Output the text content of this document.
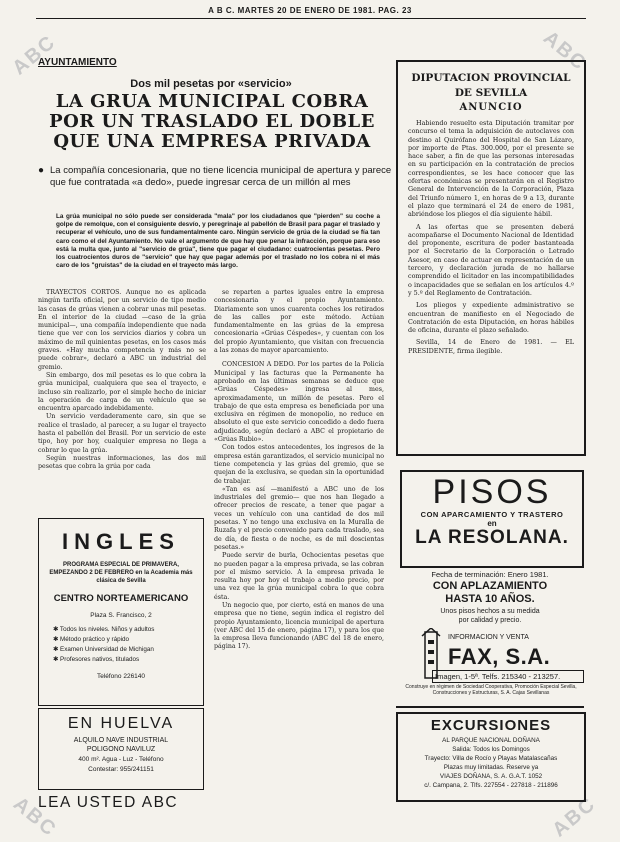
ABC	ABC
ABC	ABC
A B C. MARTES 20 DE ENERO DE 1981. PAG. 23
AYUNTAMIENTO
Dos mil pesetas por «servicio»
LA GRUA MUNICIPAL COBRA POR UN TRASLADO EL DOBLE QUE UNA EMPRESA PRIVADA
● La compañía concesionaria, que no tiene licencia municipal de apertura y parece que fue contratada «a dedo», puede ingresar cerca de un millón al mes
La grúa municipal no sólo puede ser considerada "mala" por los ciudadanos que "pierden" su coche a golpe de remolque, con el consiguiente desvío, y peregrinaje al pabellón de Brasil para pagar el traslado y recuperar el vehículo, uno de sus fundamentalmente caro. Ningún servicio de grúa de la ciudad se fía tan caro como el del Ayuntamiento. No vale el argumento de que hay que penar la infracción, porque para eso está la multa que, junto al "servicio de grúa", tiene que pagar el ciudadano: cuatrocientas pesetas. Pero los cuatrocientos duros de "servicio" que hay que pagar además por el traslado no los cobra ni el más caro de los "gruistas" de la ciudad en el trayecto más largo.

TRAYECTOS CORTOS. Aunque no es aplicada ningún tarifa oficial, por un servicio de tipo medio las casas de grúas vienen a cobrar unas mil pesetas. En el interior de la ciudad —caso de la grúa municipal—, una compañía independiente que nada tiene que ver con los servicios diarios y cobra un máximo de mil quinientas pesetas, en los casos más graves. «Hay mucha competencia y más no se puede cobrar», declaró a ABC un industrial del gremio.

Sin embargo, dos mil pesetas es lo que cobra la grúa municipal, cualquiera que sea el trayecto, e incluso sin realizarlo, por el simple hecho de iniciar la operación de carga de un vehículo que se encuentra aparcado indebidamente.

Un servicio verdaderamente caro, sin que se realice el traslado, al parecer, a su lugar el trayecto hasta el pabellón del Brasil. Por un servicio de este tipo, hoy por hoy, cualquier empresa no llega a cobrar lo que la grúa.

Según nuestras informaciones, las dos mil pesetas que cobra la grúa por cada

se reparten a partes iguales entre la empresa concesionaria y el propio Ayuntamiento. Diariamente son unos cuarenta coches los retirados de las calles por este método. Actúan fundamentalmente en las grúas de la empresa concesionaria «Grúas Céspedes», y cuentan con los del propio Ayuntamiento, que visitan con frecuencia a las zonas de mayor aparcamiento.

CONCESION A DEDO. Por los partes de la Policía Municipal y las facturas que la Permanente ha aprobado en las últimas semanas se deduce que «Grúas Céspedes» ingresa al mes, aproximadamente, un millón de pesetas. Pero el trabajo de que esta empresa es beneficiada por una exclusiva en régimen de monopolio, no reduce en absoluto el que este servicio concedido a dedo fuera adjudicado, según declaró a ABC el propietario de «Grúas Rubio».

Con todos estos antecedentes, los ingresos de la empresa están garantizados, el servicio municipal no tiene competencia y las grúas del gremio, que se quejan de la exclusiva, se quedan sin la oportunidad de trabajar.

«Tan es así —manifestó a ABC uno de los industriales del gremio— que nos han llegado a ofrecer precios de rescate, a tener que pagar a veces un vehículo con una cantidad de dos mil pesetas. Y no tengo una exclusiva en la Muralla de Ruzafa y el precio convenido para cada traslado, sea de día, de fiesta o de noche, es de mil doscientas pesetas.»

Puede servir de burla, Ochocientas pesetas que no pueden pagar a la empresa privada, se las cobran por el mismo servicio. A la empresa privada le resulta hoy por hoy el trabajo a medio precio, por una vez que la grúa municipal cobra lo que cobra ésta.

Un negocio que, por cierto, está en manos de una empresa que no tiene, según indica el registro del propio Ayuntamiento, licencia municipal de apertura (ver ABC del 15 de enero, página 17), y para los que la empresa lleva funcionando (ABC del 18 de enero, página 17).

INGLES
PROGRAMA ESPECIAL DE PRIMAVERA, EMPEZANDO 2 DE FEBRERO en la Academia más clásica de Sevilla
CENTRO NORTEAMERICANO
Plaza S. Francisco, 2
✱ Todos los niveles. Niños y adultos
✱ Método práctico y rápido
✱ Examen Universidad de Michigan
✱ Profesores nativos, titulados
Teléfono 226140
EN HUELVA
ALQUILO NAVE INDUSTRIAL
POLIGONO NAVILUZ
400 m². Agua - Luz - Teléfono
Contestar: 955/241151
LEA USTED ABC
DIPUTACION PROVINCIAL
DE SEVILLA
ANUNCIO

Habiendo resuelto esta Diputación tramitar por concurso el tema la adquisición de autoclaves con destino al Quirófano del Hospital de San Lázaro, por importe de Ptas. 300.000, por el presente se hace saber, a fin de que las personas interesadas en su participación en la contratación de precios correspondientes, se les hace conocer que las ofertas económicas se presentarán en el Registro General de Intervención de la Corporación, Plaza del Triunfo número 1, en horas de 9 a 13, durante el plazo que terminará el 24 de enero de 1981, abriéndose los pliegos el día siguiente hábil.

A las ofertas que se presenten deberá acompañarse el Documento Nacional de Identidad del proponente, escritura de poder bastanteada por el Secretario de la Corporación o Letrado Asesor, en caso de actuar en representación de un tercero, y declaración jurada de no hallarse comprendido el licitador en las incompatibilidades o incapacidades que se señalan en los artículos 4.º y 5.º del Reglamento de Contratación.

Los pliegos y expediente administrativo se encuentran de manifiesto en el Negociado de Contratación de esta Diputación, en horas hábiles de oficina, durante el plazo señalado.

Sevilla, 14 de Enero de 1981. — EL PRESIDENTE, firma ilegible.

PISOS
CON APARCAMIENTO Y TRASTERO
en
LA RESOLANA.
Fecha de terminación: Enero 1981.
CON APLAZAMIENTO
HASTA 10 AÑOS.
Unos pisos hechos a su medida
por calidad y precio.
INFORMACION Y VENTA
FAX, S.A.
Imagen, 1-5ª. Telfs. 215340 - 213257.
Construye en régimen de Sociedad Cooperativa, Promoción Especial Sevilla, Construcciones y Estructuras, S. A. Cajas Sevillanas
EXCURSIONES
AL PARQUE NACIONAL DOÑANA
Salida: Todos los Domingos
Trayecto: Villa de Rocío y Playas Matalascañas
Plazas muy limitadas. Reserve ya
VIAJES DOÑANA, S. A. G.A.T. 1052
c/. Campana, 2. Tlfs. 227554 - 227818 - 211896
